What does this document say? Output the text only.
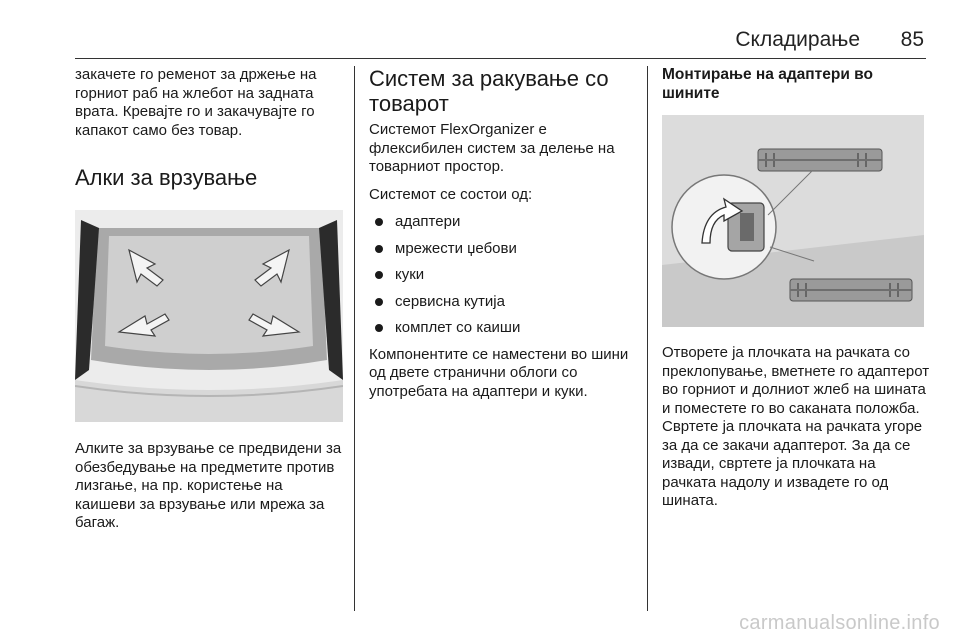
Складирање	85

закачете го ременот за држење на горниот раб на жлебот на задната врата. Кревајте го и закачувајте го капакот само без товар.

Алки за врзување

Алките за врзување се предвидени за обезбедување на предметите против лизгање, на пр. користење на каишеви за врзување или мрежа за багаж.

Систем за ракување со товарот

Системот FlexOrganizer е флексибилен систем за делење на товарниот простор.

Системот се состои од:

адаптери
мрежести џебови
куки
сервисна кутија
комплет со каиши

Компонентите се наместени во шини од двете странични облоги со употребата на адаптери и куки.

Монтирање на адаптери во шините

Отворете ја плочката на рачката со преклопување, вметнете го адаптерот во горниот и долниот жлеб на шината и поместете го во саканата положба. Свртете ја плочката на рачката угоре за да се закачи адаптерот. За да се извади, свртете ја плочката на рачката надолу и извадете го од шината.

carmanualsonline.info
